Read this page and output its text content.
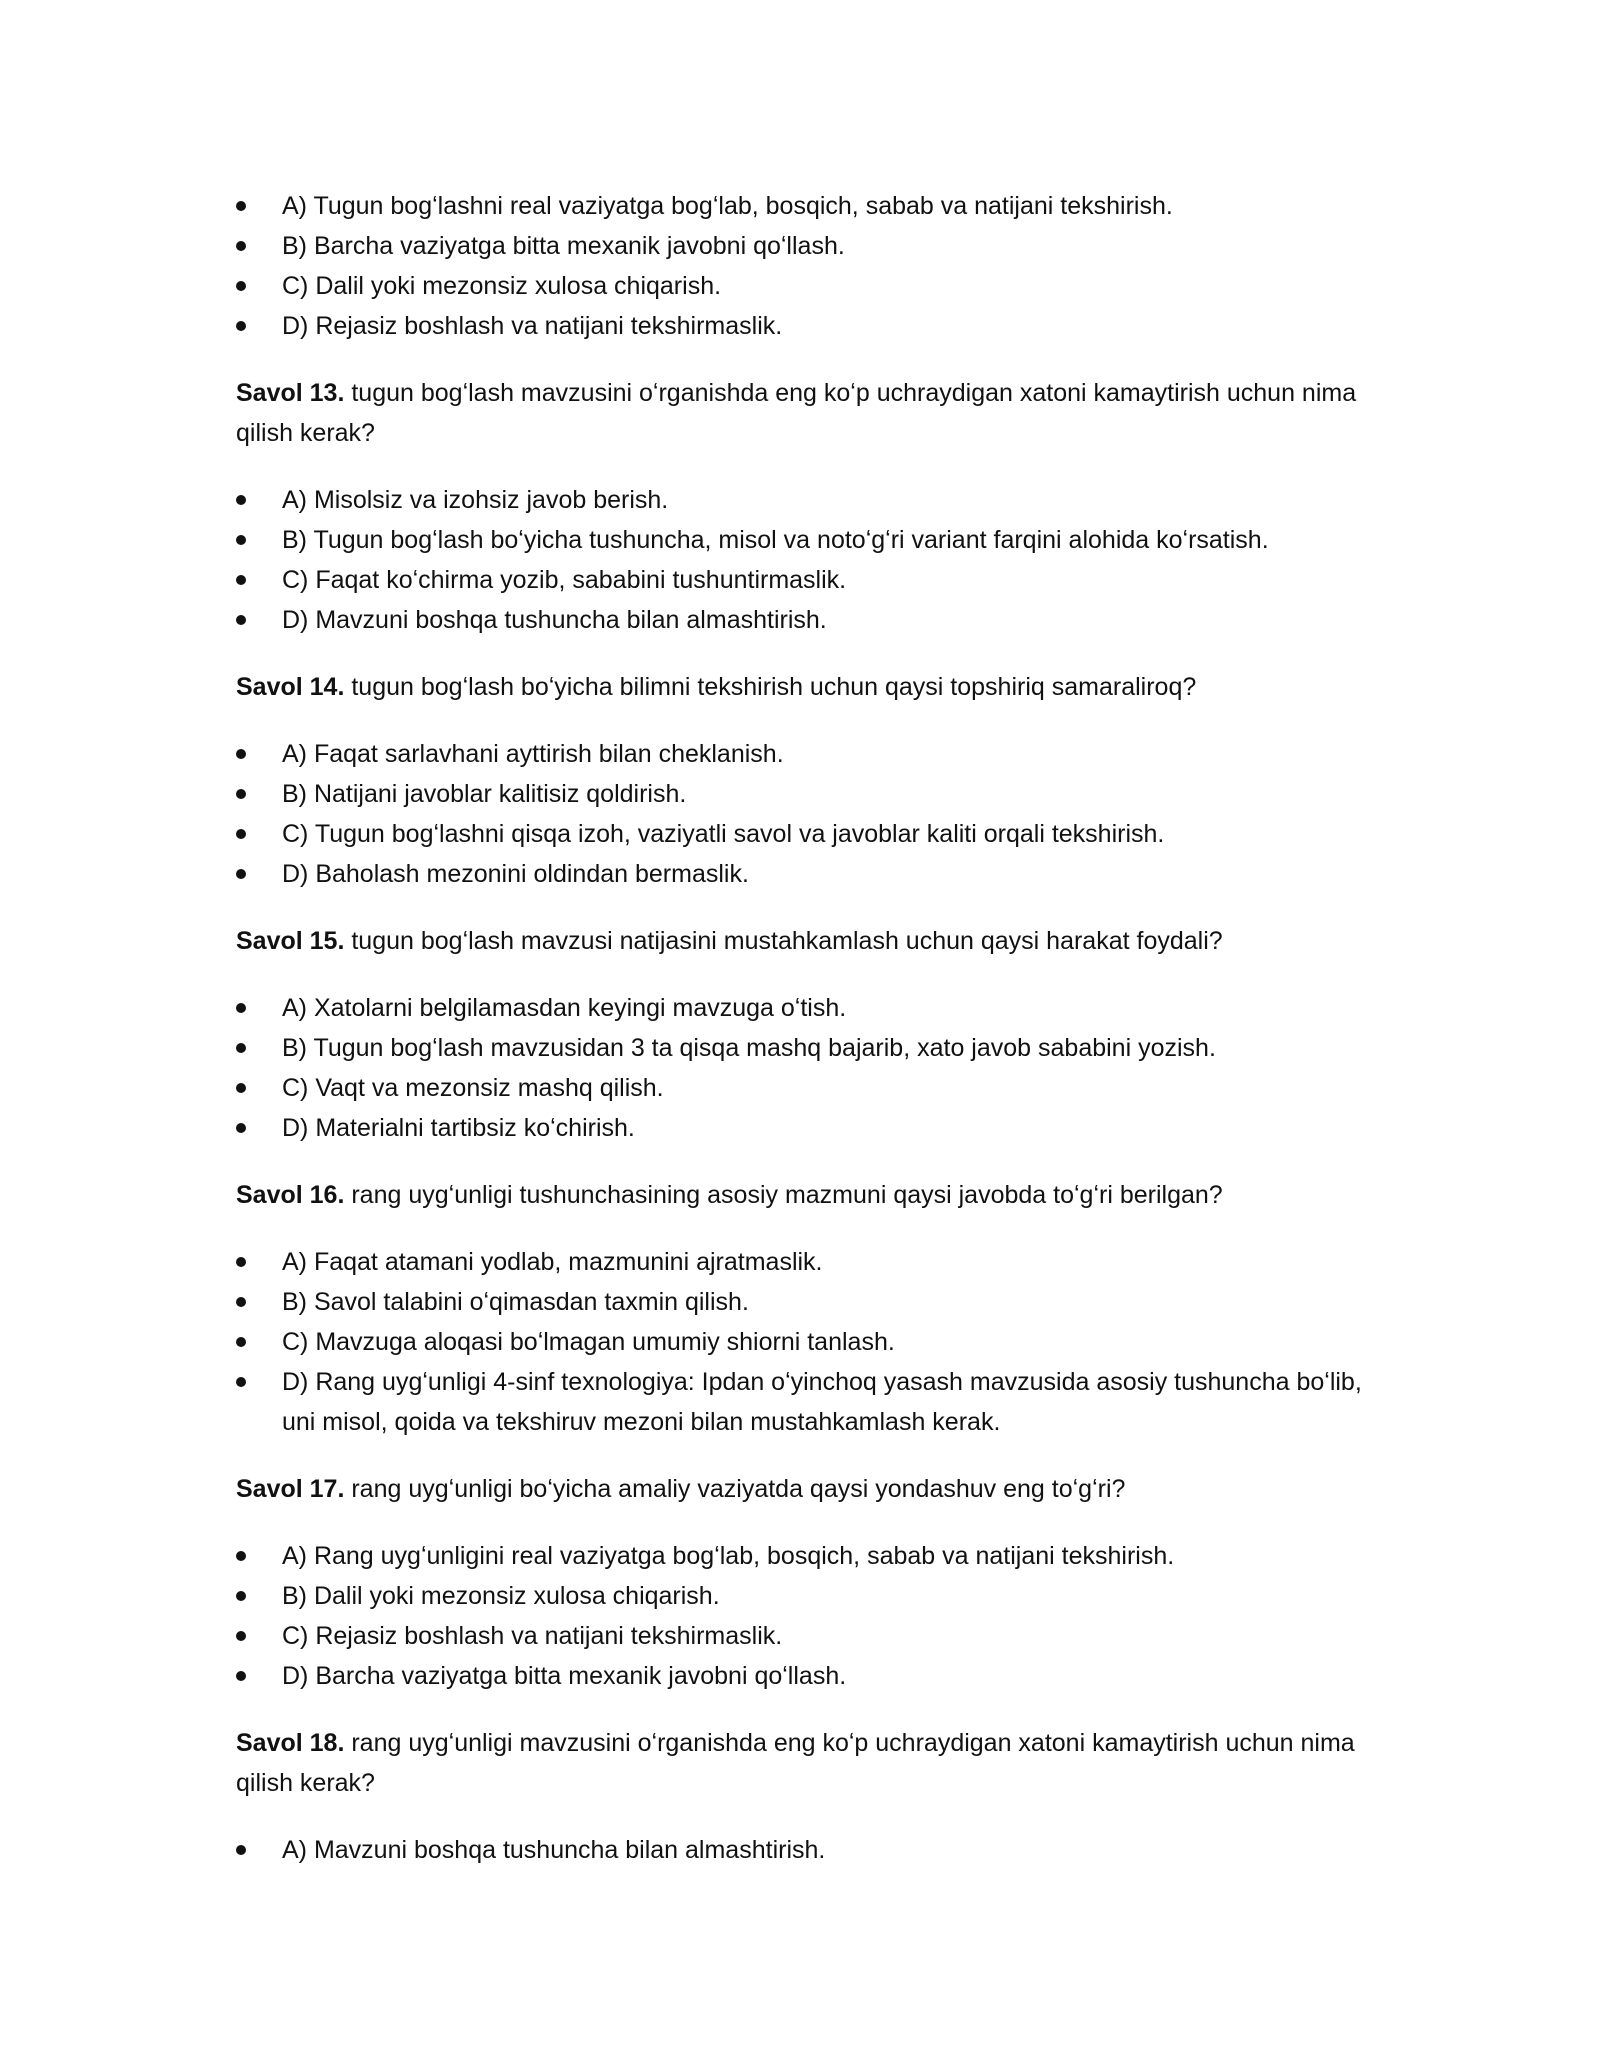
A) Tugun bogʻlashni real vaziyatga bogʻlab, bosqich, sabab va natijani tekshirish.
B) Barcha vaziyatga bitta mexanik javobni qoʻllash.
C) Dalil yoki mezonsiz xulosa chiqarish.
D) Rejasiz boshlash va natijani tekshirmaslik.

Savol 13. tugun bogʻlash mavzusini oʻrganishda eng koʻp uchraydigan xatoni kamaytirish uchun nima qilish kerak?

A) Misolsiz va izohsiz javob berish.
B) Tugun bogʻlash boʻyicha tushuncha, misol va notoʻgʻri variant farqini alohida koʻrsatish.
C) Faqat koʻchirma yozib, sababini tushuntirmaslik.
D) Mavzuni boshqa tushuncha bilan almashtirish.

Savol 14. tugun bogʻlash boʻyicha bilimni tekshirish uchun qaysi topshiriq samaraliroq?

A) Faqat sarlavhani ayttirish bilan cheklanish.
B) Natijani javoblar kalitisiz qoldirish.
C) Tugun bogʻlashni qisqa izoh, vaziyatli savol va javoblar kaliti orqali tekshirish.
D) Baholash mezonini oldindan bermaslik.

Savol 15. tugun bogʻlash mavzusi natijasini mustahkamlash uchun qaysi harakat foydali?

A) Xatolarni belgilamasdan keyingi mavzuga oʻtish.
B) Tugun bogʻlash mavzusidan 3 ta qisqa mashq bajarib, xato javob sababini yozish.
C) Vaqt va mezonsiz mashq qilish.
D) Materialni tartibsiz koʻchirish.

Savol 16. rang uygʻunligi tushunchasining asosiy mazmuni qaysi javobda toʻgʻri berilgan?

A) Faqat atamani yodlab, mazmunini ajratmaslik.
B) Savol talabini oʻqimasdan taxmin qilish.
C) Mavzuga aloqasi boʻlmagan umumiy shiorni tanlash.
D) Rang uygʻunligi 4-sinf texnologiya: Ipdan oʻyinchoq yasash mavzusida asosiy tushuncha boʻlib, uni misol, qoida va tekshiruv mezoni bilan mustahkamlash kerak.

Savol 17. rang uygʻunligi boʻyicha amaliy vaziyatda qaysi yondashuv eng toʻgʻri?

A) Rang uygʻunligini real vaziyatga bogʻlab, bosqich, sabab va natijani tekshirish.
B) Dalil yoki mezonsiz xulosa chiqarish.
C) Rejasiz boshlash va natijani tekshirmaslik.
D) Barcha vaziyatga bitta mexanik javobni qoʻllash.

Savol 18. rang uygʻunligi mavzusini oʻrganishda eng koʻp uchraydigan xatoni kamaytirish uchun nima qilish kerak?

A) Mavzuni boshqa tushuncha bilan almashtirish.
